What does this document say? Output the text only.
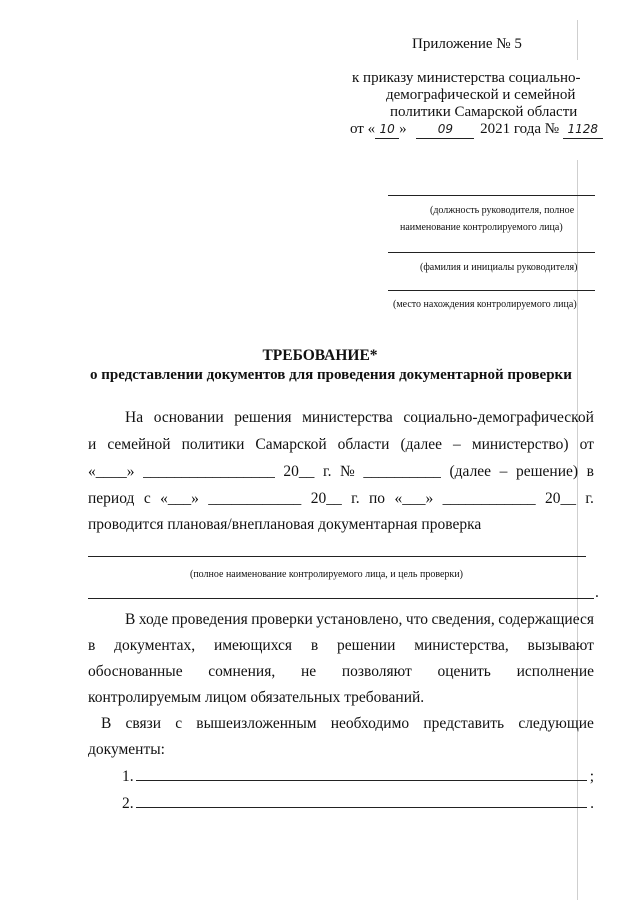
Приложение № 5
к приказу министерства социально-
демографической и семейной
политики Самарской области
от « 10 »	09 2021 года № 1128
(должность руководителя, полное
наименование контролируемого лица)
(фамилия и инициалы руководителя)
(место нахождения контролируемого лица)
ТРЕБОВАНИЕ*
о представлении документов для проведения документарной проверки
На основании решения министерства социально-демографической
и семейной политики Самарской области (далее – министерство) от
«____» _________________ 20__ г. № __________ (далее – решение) в
период с «___» ____________ 20__ г. по «___» ____________ 20__ г.
проводится плановая/внеплановая документарная проверка
(полное наименование контролируемого лица, и цель проверки)
.
В ходе проведения проверки установлено, что сведения, содержащиеся
в документах, имеющихся в решении министерства, вызывают
обоснованные сомнения, не позволяют оценить исполнение
контролируемым лицом обязательных требований.
В связи с вышеизложенным необходимо представить следующие
документы:
1.	;
2.	.
